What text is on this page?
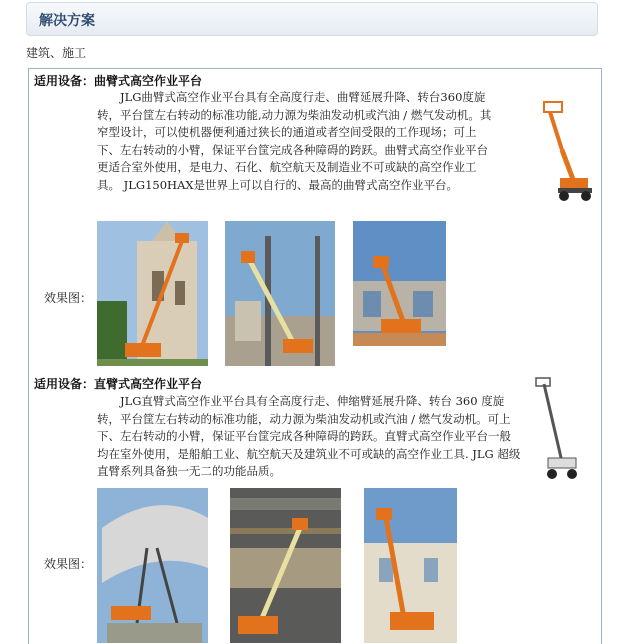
解决方案
建筑、施工
适用设备：曲臂式高空作业平台

JLG曲臂式高空作业平台具有全高度行走、曲臂延展升降、转台360度旋转，平台筐左右转动的标准功能,动力源为柴油发动机或汽油 / 燃气发动机。其窄型设计，可以使机器便利通过狭长的通道或者空间受限的工作现场；可上下、左右转动的小臂，保证平台筐完成各种障碍的跨跃。曲臂式高空作业平台更适合室外使用，是电力、石化、航空航天及制造业不可或缺的高空作业工具。 JLG150HAX是世界上可以自行的、最高的曲臂式高空作业平台。

效果图：
适用设备：直臂式高空作业平台

JLG直臂式高空作业平台具有全高度行走、伸缩臂延展升降、转台 360 度旋转，平台筐左右转动的标准功能，动力源为柴油发动机或汽油 / 燃气发动机。可上下、左右转动的小臂，保证平台筐完成各种障碍的跨跃。直臂式高空作业平台一般均在室外使用，是船舶工业、航空航天及建筑业不可或缺的高空作业工具. JLG 超级直臂系列具备独一无二的功能品质。

效果图：
